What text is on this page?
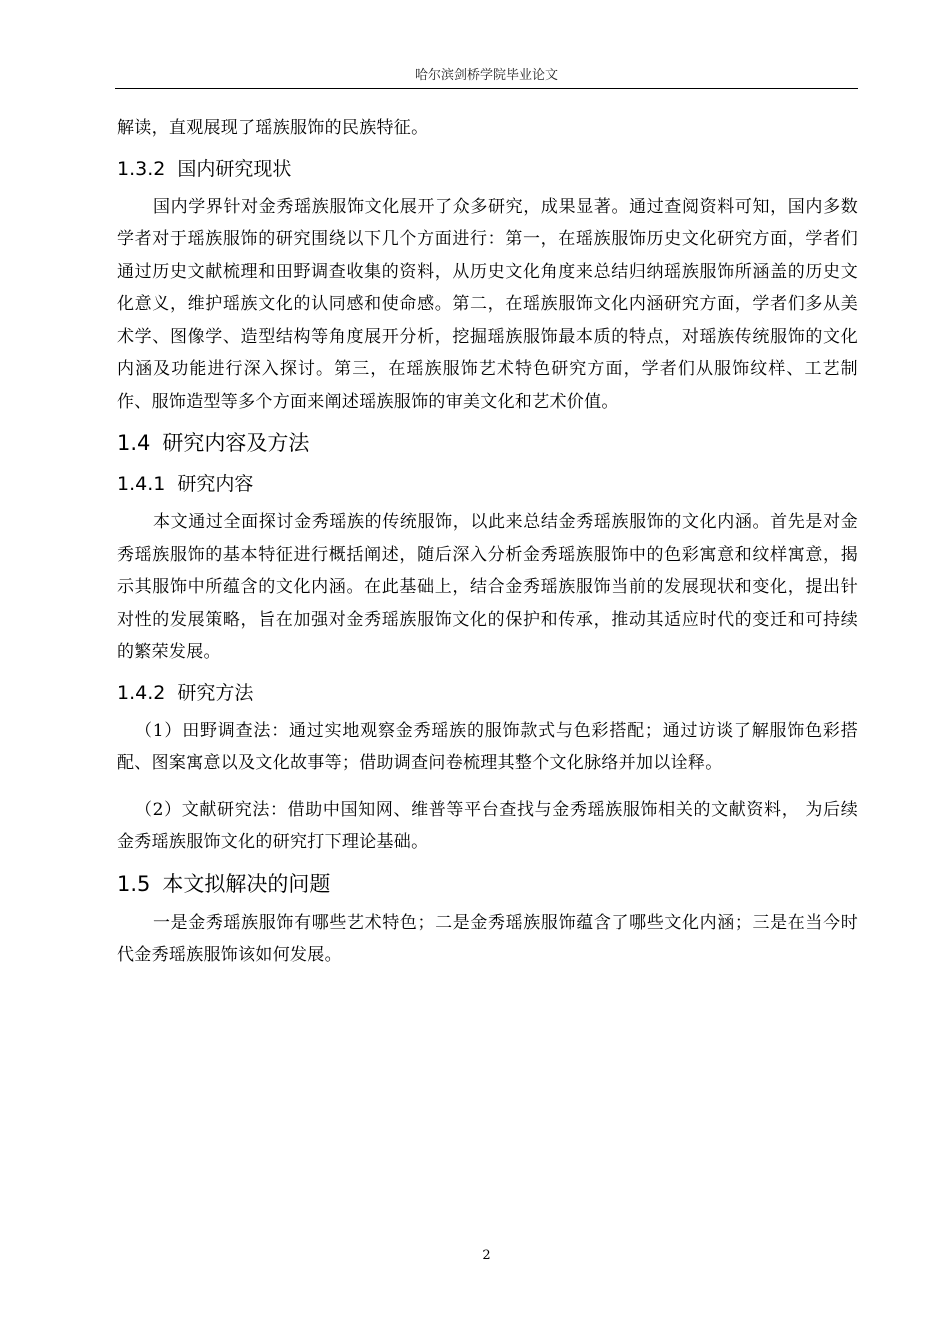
哈尔滨剑桥学院毕业论文

解读，直观展现了瑶族服饰的民族特征。

1.3.2 国内研究现状

国内学界针对金秀瑶族服饰文化展开了众多研究，成果显著。通过查阅资料可知，国内多数学者对于瑶族服饰的研究围绕以下几个方面进行：第一，在瑶族服饰历史文化研究方面，学者们通过历史文献梳理和田野调查收集的资料，从历史文化角度来总结归纳瑶族服饰所涵盖的历史文化意义，维护瑶族文化的认同感和使命感。第二，在瑶族服饰文化内涵研究方面，学者们多从美术学、图像学、造型结构等角度展开分析，挖掘瑶族服饰最本质的特点，对瑶族传统服饰的文化内涵及功能进行深入探讨。第三，在瑶族服饰艺术特色研究方面，学者们从服饰纹样、工艺制作、服饰造型等多个方面来阐述瑶族服饰的审美文化和艺术价值。

1.4 研究内容及方法
1.4.1 研究内容

本文通过全面探讨金秀瑶族的传统服饰，以此来总结金秀瑶族服饰的文化内涵。首先是对金秀瑶族服饰的基本特征进行概括阐述，随后深入分析金秀瑶族服饰中的色彩寓意和纹样寓意，揭示其服饰中所蕴含的文化内涵。在此基础上，结合金秀瑶族服饰当前的发展现状和变化，提出针对性的发展策略，旨在加强对金秀瑶族服饰文化的保护和传承，推动其适应时代的变迁和可持续的繁荣发展。

1.4.2 研究方法

（1）田野调查法：通过实地观察金秀瑶族的服饰款式与色彩搭配；通过访谈了解服饰色彩搭配、图案寓意以及文化故事等；借助调查问卷梳理其整个文化脉络并加以诠释。

（2）文献研究法：借助中国知网、维普等平台查找与金秀瑶族服饰相关的文献资料， 为后续金秀瑶族服饰文化的研究打下理论基础。

1.5 本文拟解决的问题

一是金秀瑶族服饰有哪些艺术特色；二是金秀瑶族服饰蕴含了哪些文化内涵；三是在当今时代金秀瑶族服饰该如何发展。

2
